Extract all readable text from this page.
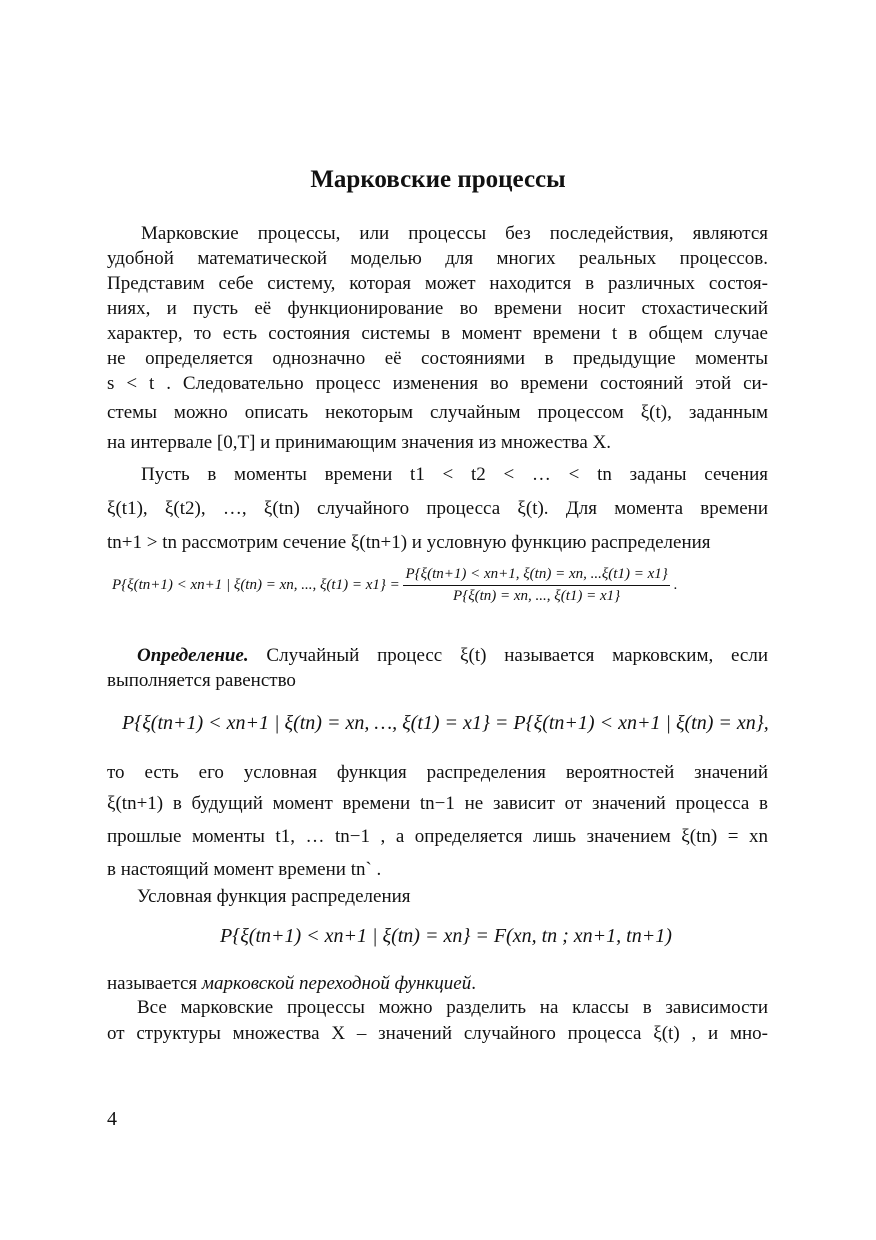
Марковские процессы
Марковские процессы, или процессы без последействия, являются
удобной математической моделью для многих реальных процессов.
Представим себе систему, которая может находится в различных состоя-
ниях, и пусть её функционирование во времени носит стохастический
характер, то есть состояния системы в момент времени t в общем случае
не определяется однозначно её состояниями в предыдущие моменты
s < t . Следовательно процесс изменения во времени состояний этой си-
стемы можно описать некоторым случайным процессом ξ(t), заданным
на интервале [0,T] и принимающим значения из множества X.
Пусть в моменты времени t1 < t2 < … < tn заданы сечения
ξ(t1), ξ(t2), …, ξ(tn) случайного процесса ξ(t). Для момента времени
tn+1 > tn рассмотрим сечение ξ(tn+1) и условную функцию распределения
P{ξ(tn+1) < xn+1 | ξ(tn) = xn, ..., $\xi(t1) = x1\} = \frac{P\{\xi(tn+1) < xn+1, \xi(tn) = xn, ...\xi(t1) = x1\}}{P\{\xi(tn) = xn, ..., \xi(t1) = x1\}}$ .
Определение. Случайный процесс ξ(t) называется марковским, если
выполняется равенство
P{ξ(tn+1) < xn+1 | ξ(tn) = xn, …, ξ(t1) = x1} = P{ξ(tn+1) < xn+1 | ξ(tn) = xn},
то есть его условная функция распределения вероятностей значений
ξ(tn+1) в будущий момент времени tn−1 не зависит от значений процесса в
прошлые моменты t1, … tn−1 , а определяется лишь значением ξ(tn) = xn
в настоящий момент времени tn` .
Условная функция распределения
P{ξ(tn+1) < xn+1 | ξ(tn) = xn} = F(xn, tn ; xn+1, tn+1)
называется марковской переходной функцией.
Все марковские процессы можно разделить на классы в зависимости
от структуры множества X – значений случайного процесса ξ(t) , и мно-
4
